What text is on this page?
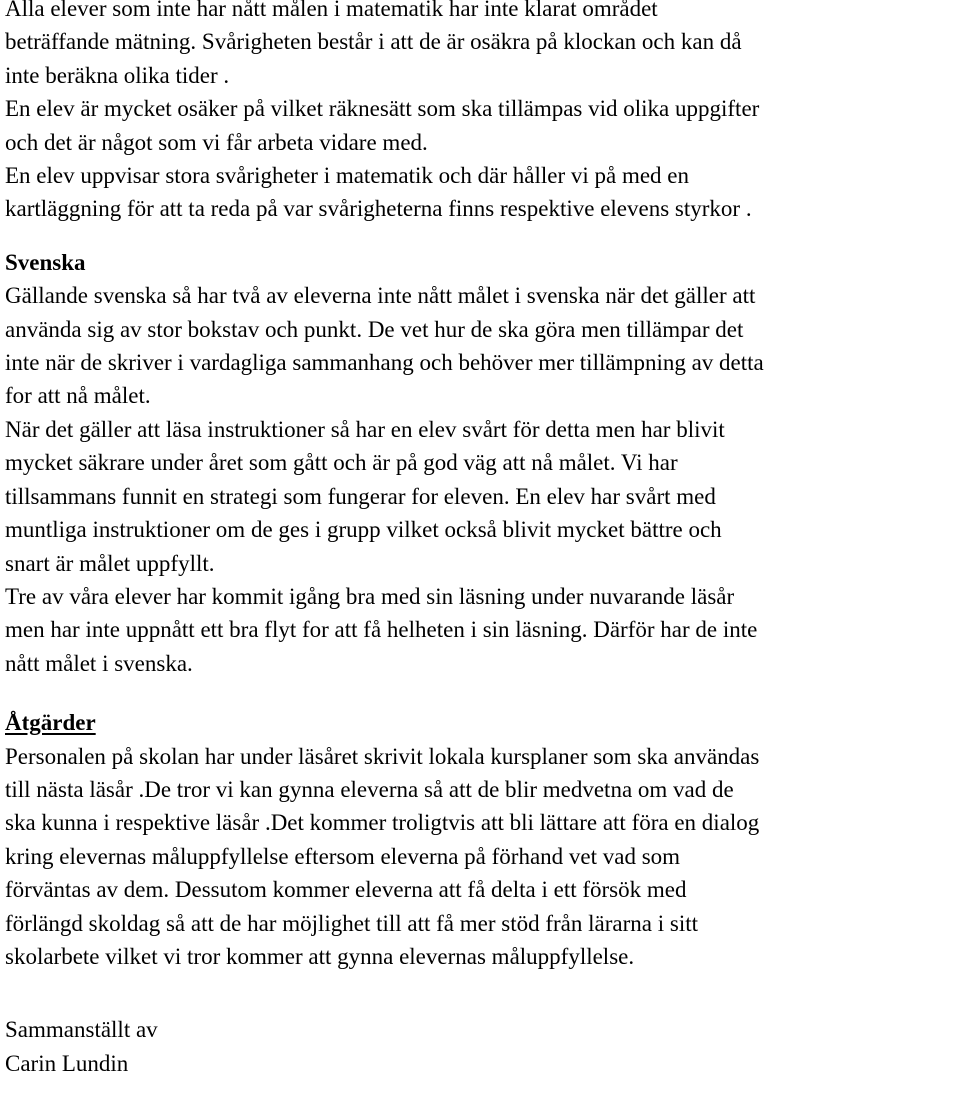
Alla elever som inte har nått målen i matematik har inte klarat området
beträffande mätning. Svårigheten består i att de är osäkra på klockan och kan då
inte beräkna olika tider .
En elev är mycket osäker på vilket räknesätt som ska tillämpas vid olika uppgifter
och det är något som vi får arbeta vidare med.
En elev uppvisar stora svårigheter i matematik och där håller vi på med en
kartläggning för att ta reda på var svårigheterna finns respektive elevens styrkor .
Svenska
Gällande svenska så har två av eleverna inte nått målet i svenska när det gäller att
använda sig av stor bokstav och punkt. De vet hur de ska göra men tillämpar det
inte när de skriver i vardagliga sammanhang och behöver mer tillämpning av detta
for att nå målet.
När det gäller att läsa instruktioner så har en elev svårt för detta men har blivit
mycket säkrare under året som gått och är på god väg att nå målet. Vi har
tillsammans funnit en strategi som fungerar for eleven. En elev har svårt med
muntliga instruktioner om de ges i grupp vilket också blivit mycket bättre och
snart är målet uppfyllt.
Tre av våra elever har kommit igång bra med sin läsning under nuvarande läsår
men har inte uppnått ett bra flyt for att få helheten i sin läsning. Därför har de inte
nått målet i svenska.
Åtgärder
Personalen på skolan har under läsåret skrivit lokala kursplaner som ska användas
till nästa läsår .De tror vi kan gynna eleverna så att de blir medvetna om vad de
ska kunna i respektive läsår .Det kommer troligtvis att bli lättare att föra en dialog
kring elevernas måluppfyllelse eftersom eleverna på förhand vet vad som
förväntas av dem. Dessutom kommer eleverna att få delta i ett försök med
förlängd skoldag så att de har möjlighet till att få mer stöd från lärarna i sitt
skolarbete vilket vi tror kommer att gynna elevernas måluppfyllelse.
Sammanställt av
Carin Lundin
